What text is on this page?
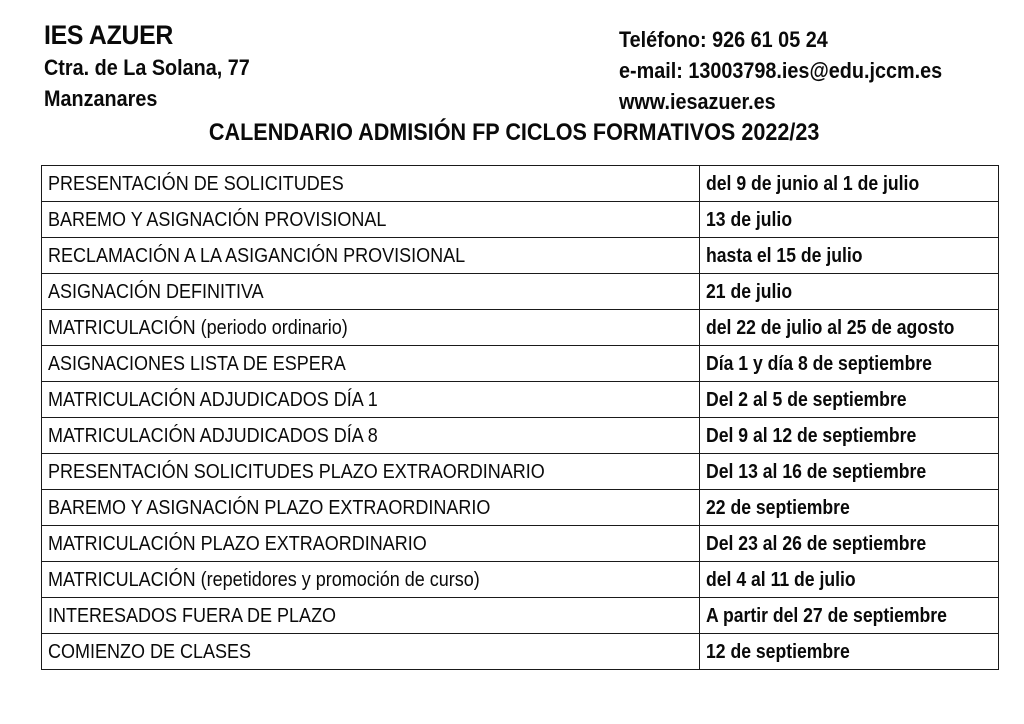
IES AZUER
Ctra. de La Solana, 77
Manzanares
Teléfono: 926 61 05 24
e-mail: 13003798.ies@edu.jccm.es
www.iesazuer.es
CALENDARIO ADMISIÓN FP CICLOS FORMATIVOS 2022/23
PRESENTACIÓN DE SOLICITUDES	del 9 de junio al 1 de julio
BAREMO Y ASIGNACIÓN PROVISIONAL	13 de julio
RECLAMACIÓN A LA ASIGANCIÓN PROVISIONAL	hasta el 15 de julio
ASIGNACIÓN DEFINITIVA	21 de julio
MATRICULACIÓN (periodo ordinario)	del 22 de julio al 25 de agosto
ASIGNACIONES LISTA DE ESPERA	Día 1 y día 8 de septiembre
MATRICULACIÓN ADJUDICADOS DÍA 1	Del 2 al 5 de septiembre
MATRICULACIÓN ADJUDICADOS DÍA 8	Del 9 al 12 de septiembre
PRESENTACIÓN SOLICITUDES PLAZO EXTRAORDINARIO	Del 13 al 16 de septiembre
BAREMO Y ASIGNACIÓN PLAZO EXTRAORDINARIO	22 de septiembre
MATRICULACIÓN PLAZO EXTRAORDINARIO	Del 23 al 26 de septiembre
MATRICULACIÓN (repetidores y promoción de curso)	del 4 al 11 de julio
INTERESADOS FUERA DE PLAZO	A partir del 27 de septiembre
COMIENZO DE CLASES	12 de septiembre
